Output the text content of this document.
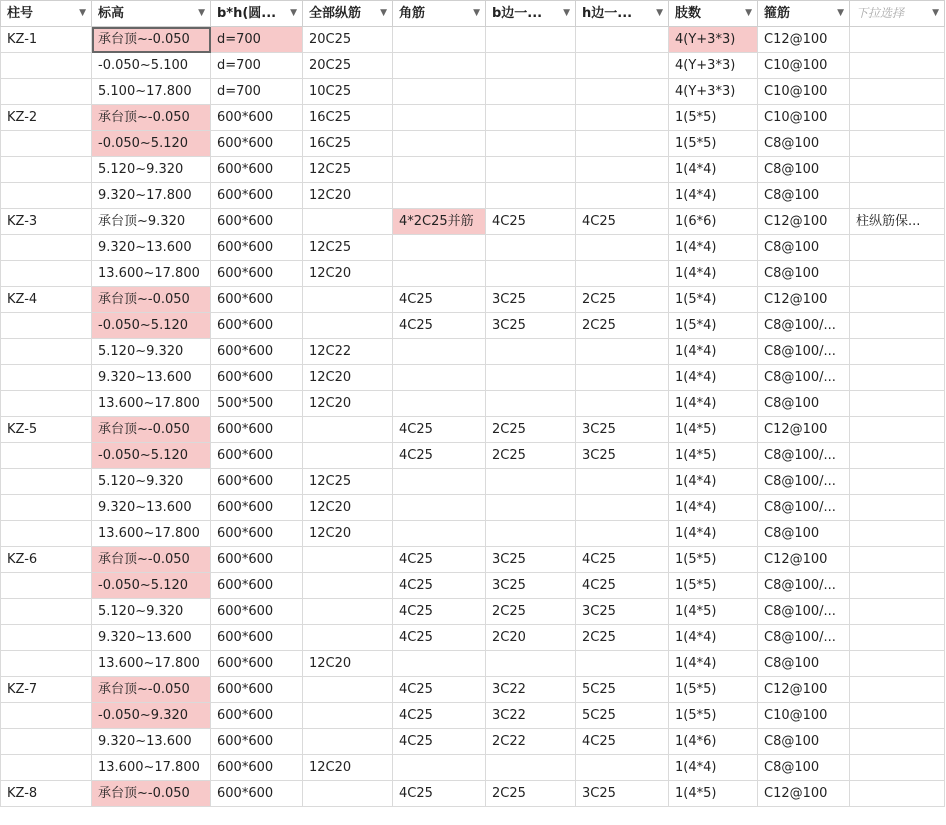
柱号 ▼	标高 ▼	b*h(圆... ▼	全部纵筋 ▼	角筋 ▼	b边一... ▼	h边一... ▼	肢数 ▼	箍筋 ▼	下拉选择 ▼

KZ-1	承台顶~-0.050	d=700	20C25				4(Y+3*3)	C12@100	
	-0.050~5.100	d=700	20C25				4(Y+3*3)	C10@100	
	5.100~17.800	d=700	10C25				4(Y+3*3)	C10@100	
KZ-2	承台顶~-0.050	600*600	16C25				1(5*5)	C10@100	
	-0.050~5.120	600*600	16C25				1(5*5)	C8@100	
	5.120~9.320	600*600	12C25				1(4*4)	C8@100	
	9.320~17.800	600*600	12C20				1(4*4)	C8@100	
KZ-3	承台顶~9.320	600*600		4*2C25并筋	4C25	4C25	1(6*6)	C12@100	柱纵筋保...
	9.320~13.600	600*600	12C25				1(4*4)	C8@100	
	13.600~17.800	600*600	12C20				1(4*4)	C8@100	
KZ-4	承台顶~-0.050	600*600		4C25	3C25	2C25	1(5*4)	C12@100	
	-0.050~5.120	600*600		4C25	3C25	2C25	1(5*4)	C8@100/...	
	5.120~9.320	600*600	12C22				1(4*4)	C8@100/...	
	9.320~13.600	600*600	12C20				1(4*4)	C8@100/...	
	13.600~17.800	500*500	12C20				1(4*4)	C8@100	
KZ-5	承台顶~-0.050	600*600		4C25	2C25	3C25	1(4*5)	C12@100	
	-0.050~5.120	600*600		4C25	2C25	3C25	1(4*5)	C8@100/...	
	5.120~9.320	600*600	12C25				1(4*4)	C8@100/...	
	9.320~13.600	600*600	12C20				1(4*4)	C8@100/...	
	13.600~17.800	600*600	12C20				1(4*4)	C8@100	
KZ-6	承台顶~-0.050	600*600		4C25	3C25	4C25	1(5*5)	C12@100	
	-0.050~5.120	600*600		4C25	3C25	4C25	1(5*5)	C8@100/...	
	5.120~9.320	600*600		4C25	2C25	3C25	1(4*5)	C8@100/...	
	9.320~13.600	600*600		4C25	2C20	2C25	1(4*4)	C8@100/...	
	13.600~17.800	600*600	12C20				1(4*4)	C8@100	
KZ-7	承台顶~-0.050	600*600		4C25	3C22	5C25	1(5*5)	C12@100	
	-0.050~9.320	600*600		4C25	3C22	5C25	1(5*5)	C10@100	
	9.320~13.600	600*600		4C25	2C22	4C25	1(4*6)	C8@100	
	13.600~17.800	600*600	12C20				1(4*4)	C8@100	
KZ-8	承台顶~-0.050	600*600		4C25	2C25	3C25	1(4*5)	C12@100	
